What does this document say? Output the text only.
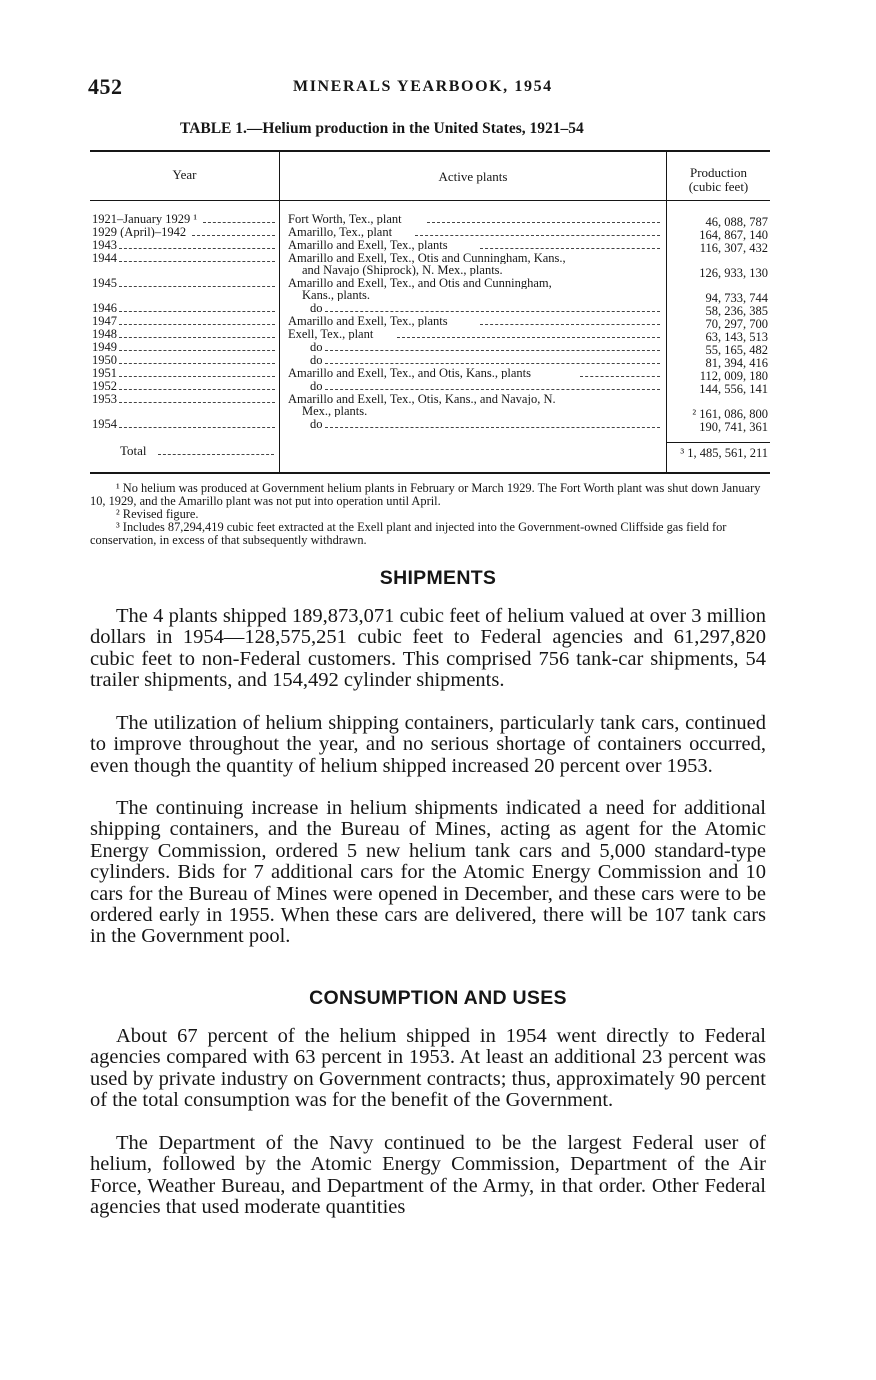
452	MINERALS YEARBOOK, 1954
TABLE 1.—Helium production in the United States, 1921–54
Year	Active plants	Production
(cubic feet)
1921–January 1929 ¹	Fort Worth, Tex., plant	46, 088, 787
1929 (April)–1942	Amarillo, Tex., plant	164, 867, 140
1943	Amarillo and Exell, Tex., plants	116, 307, 432
1944	Amarillo and Exell, Tex., Otis and Cunningham, Kans.,
and Navajo (Shiprock), N. Mex., plants.	126, 933, 130
1945	Amarillo and Exell, Tex., and Otis and Cunningham,
Kans., plants.	94, 733, 744
1946	do	58, 236, 385
1947	Amarillo and Exell, Tex., plants	70, 297, 700
1948	Exell, Tex., plant	63, 143, 513
1949	do	55, 165, 482
1950	do	81, 394, 416
1951	Amarillo and Exell, Tex., and Otis, Kans., plants	112, 009, 180
1952	do	144, 556, 141
1953	Amarillo and Exell, Tex., Otis, Kans., and Navajo, N.
Mex., plants.	² 161, 086, 800
1954	do	190, 741, 361
Total	³ 1, 485, 561, 211

¹ No helium was produced at Government helium plants in February or March 1929. The Fort Worth plant was shut down January 10, 1929, and the Amarillo plant was not put into operation until April.

² Revised figure.

³ Includes 87,294,419 cubic feet extracted at the Exell plant and injected into the Government-owned Cliffside gas field for conservation, in excess of that subsequently withdrawn.

SHIPMENTS

The 4 plants shipped 189,873,071 cubic feet of helium valued at over 3 million dollars in 1954—128,575,251 cubic feet to Federal agencies and 61,297,820 cubic feet to non-Federal customers. This comprised 756 tank-car shipments, 54 trailer shipments, and 154,492 cylinder shipments.

The utilization of helium shipping containers, particularly tank cars, continued to improve throughout the year, and no serious shortage of containers occurred, even though the quantity of helium shipped increased 20 percent over 1953.

The continuing increase in helium shipments indicated a need for additional shipping containers, and the Bureau of Mines, acting as agent for the Atomic Energy Commission, ordered 5 new helium tank cars and 5,000 standard-type cylinders. Bids for 7 additional cars for the Atomic Energy Commission and 10 cars for the Bureau of Mines were opened in December, and these cars were to be ordered early in 1955. When these cars are delivered, there will be 107 tank cars in the Government pool.

CONSUMPTION AND USES

About 67 percent of the helium shipped in 1954 went directly to Federal agencies compared with 63 percent in 1953. At least an additional 23 percent was used by private industry on Government contracts; thus, approximately 90 percent of the total consumption was for the benefit of the Government.

The Department of the Navy continued to be the largest Federal user of helium, followed by the Atomic Energy Commission, Department of the Air Force, Weather Bureau, and Department of the Army, in that order. Other Federal agencies that used moderate quantities
